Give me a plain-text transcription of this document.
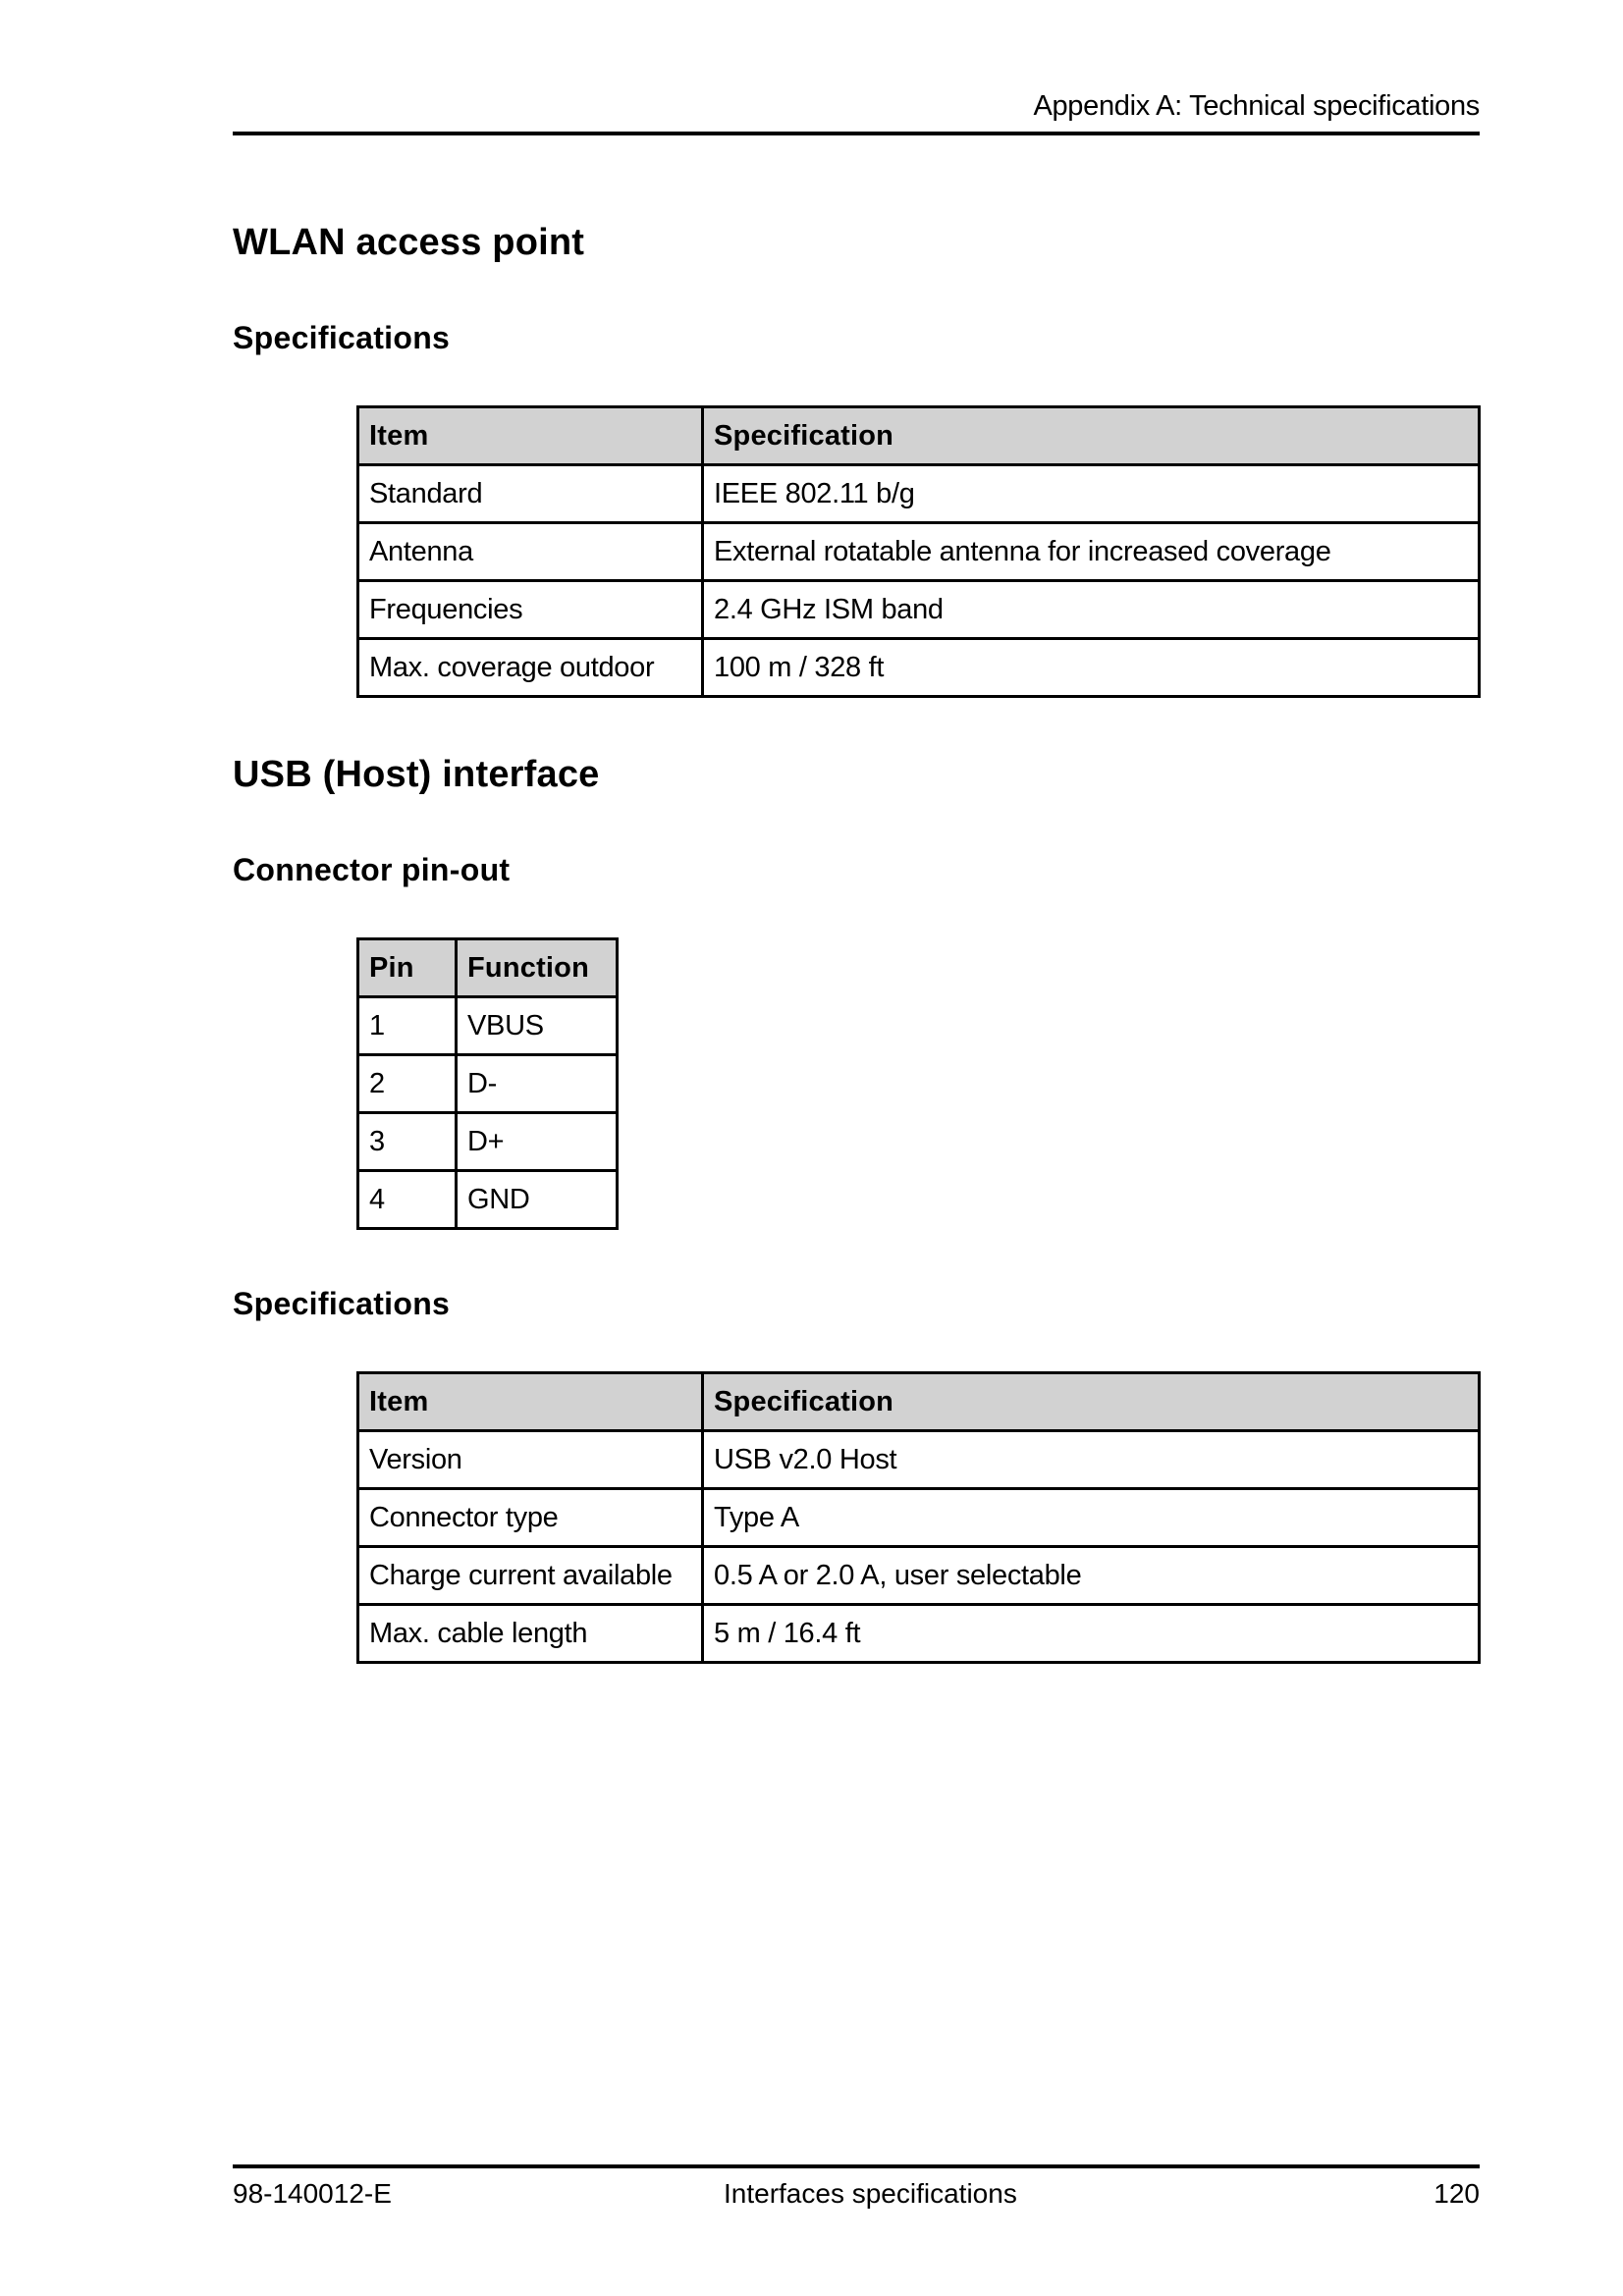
Appendix A: Technical specifications
WLAN access point
Specifications
Item	Specification
Standard	IEEE 802.11 b/g
Antenna	External rotatable antenna for increased coverage
Frequencies	2.4 GHz ISM band
Max. coverage outdoor	100 m / 328 ft
USB (Host) interface
Connector pin-out
Pin	Function
1	VBUS
2	D-
3	D+
4	GND
Specifications
Item	Specification
Version	USB v2.0 Host
Connector type	Type A
Charge current available	0.5 A or 2.0 A, user selectable
Max. cable length	5 m / 16.4 ft
98-140012-E	Interfaces specifications	120
